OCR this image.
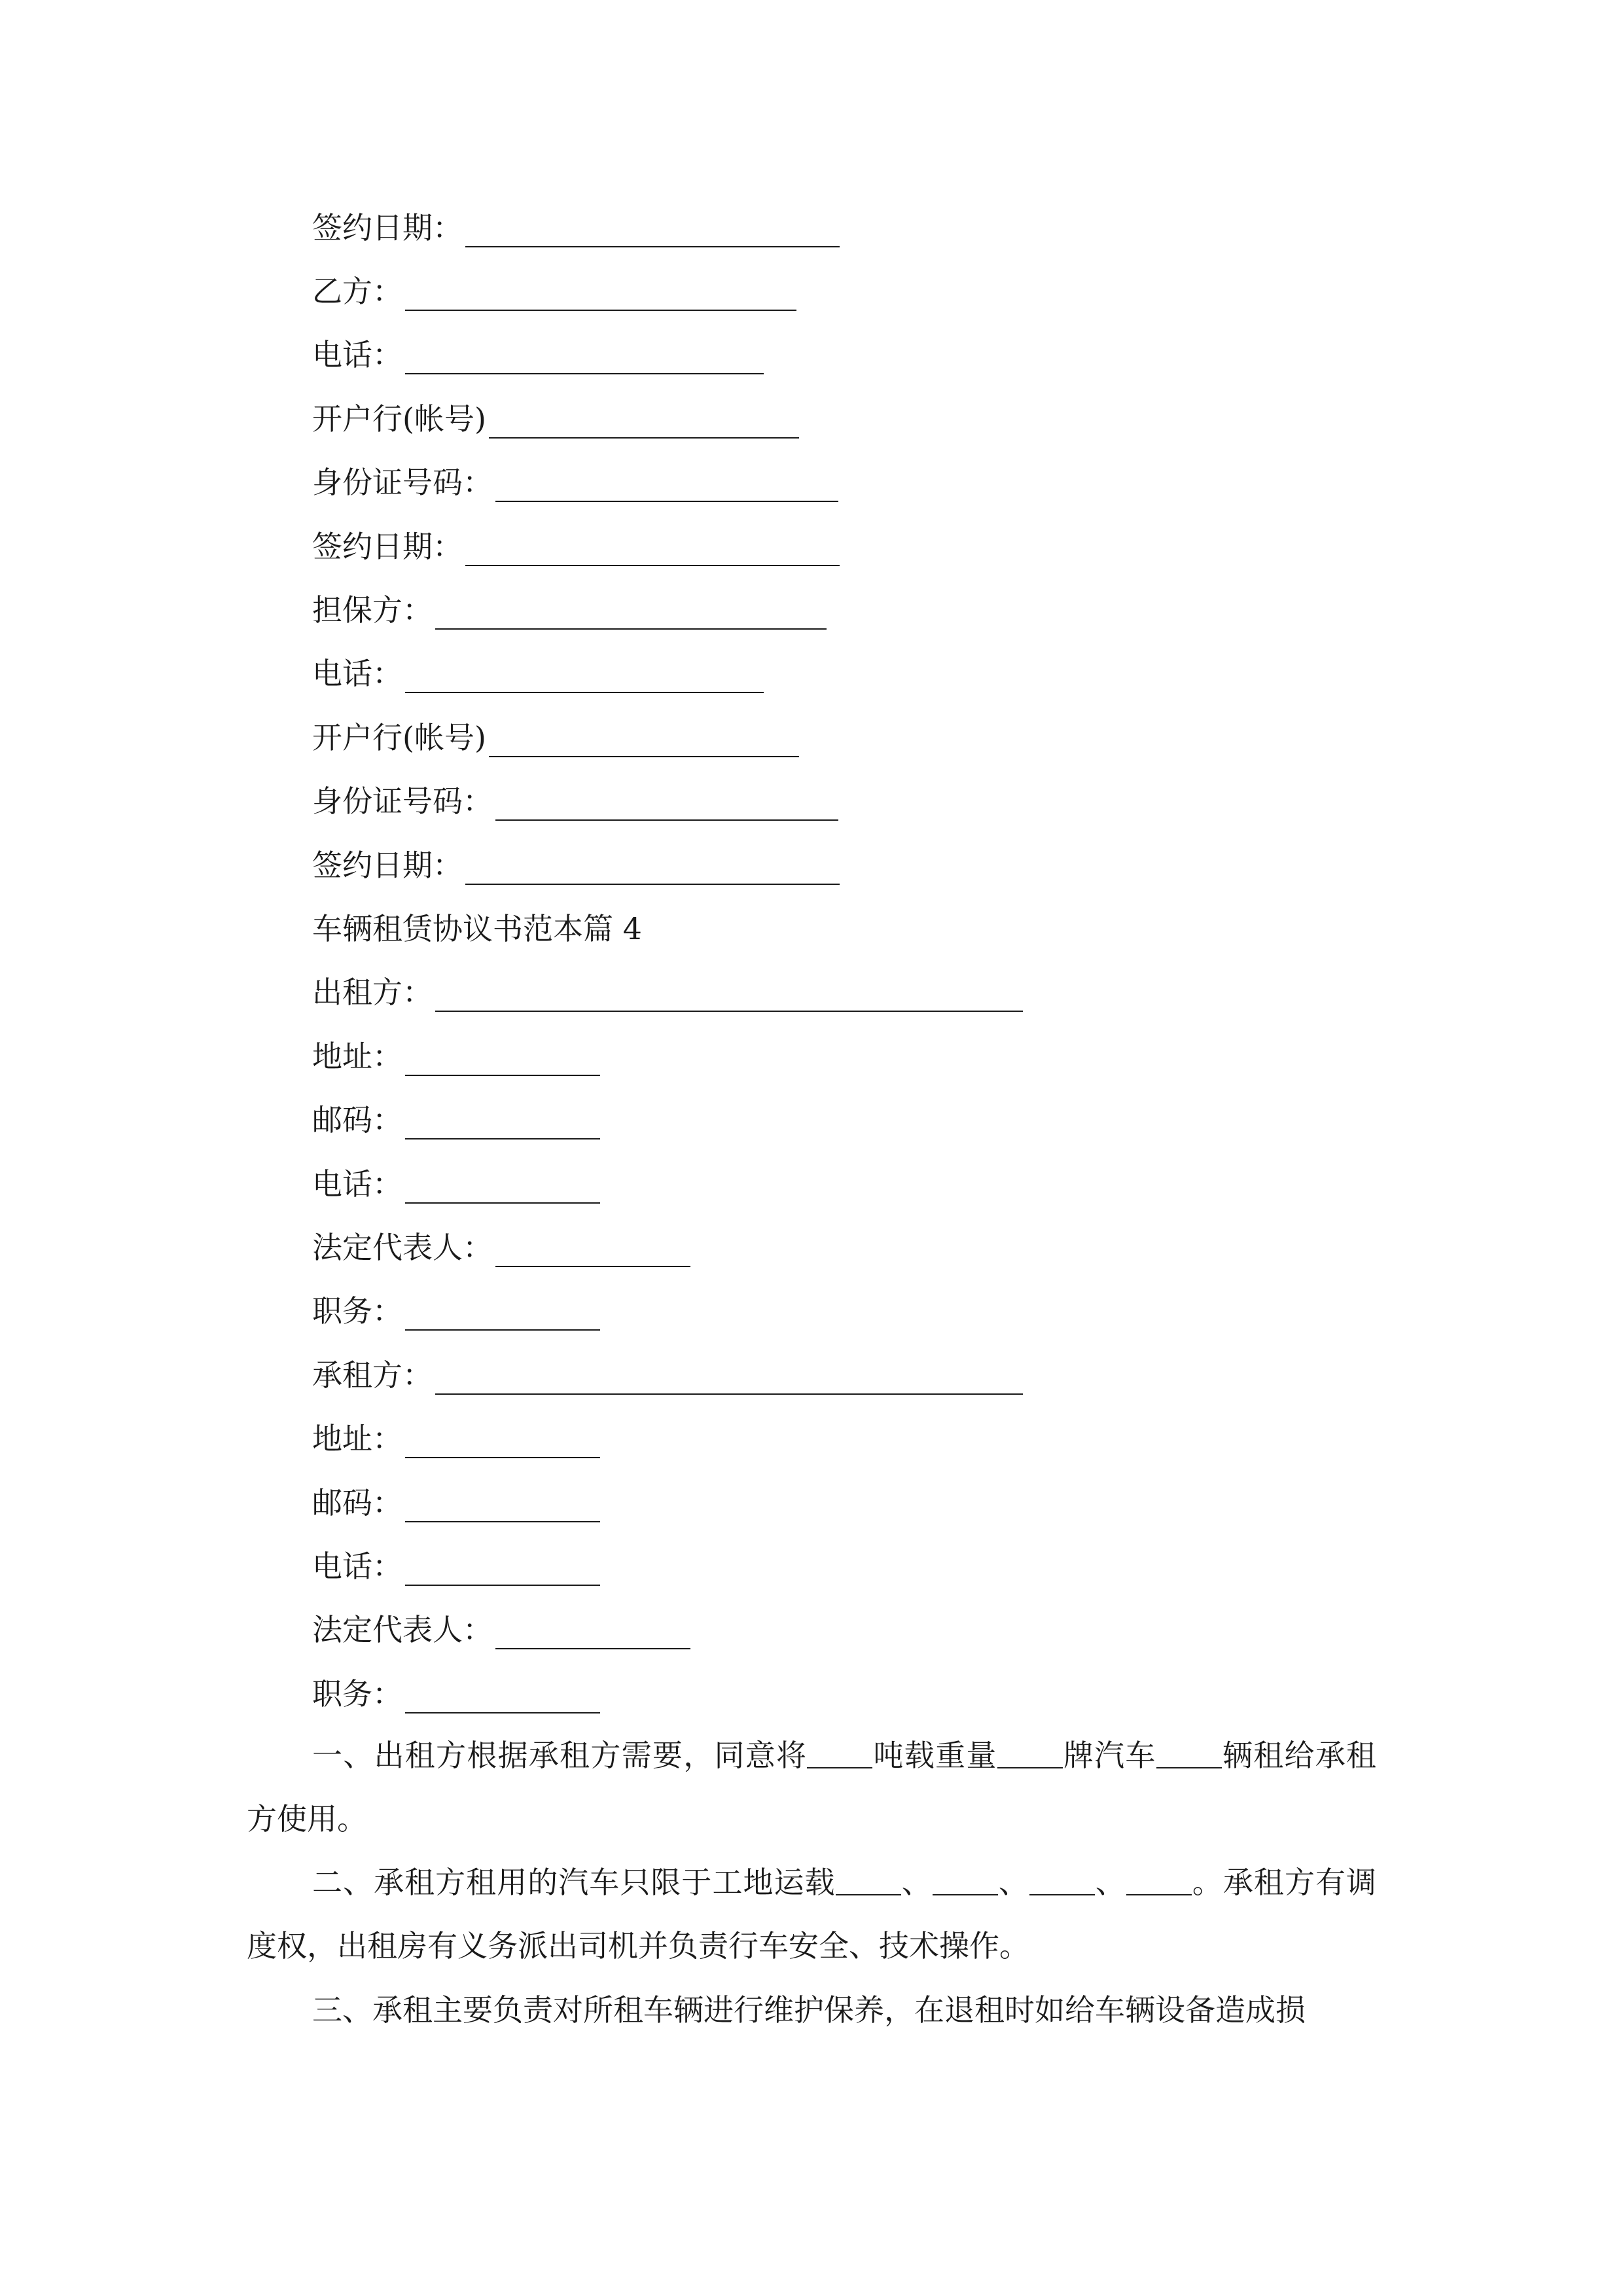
签约日期：
乙方：
电话：
开户行(帐号)
身份证号码：
签约日期：
担保方：
电话：
开户行(帐号)
身份证号码：
签约日期：
车辆租赁协议书范本篇 4
出租方：
地址：
邮码：
电话：
法定代表人：
职务：
承租方：
地址：
邮码：
电话：
法定代表人：
职务：
一、出租方根据承租方需要，同意将 吨载重量 牌汽车 辆租给承租方使用。
二、承租方租用的汽车只限于工地运载 、 、 、 。承租方有调度权，出租房有义务派出司机并负责行车安全、技术操作。
三、承租主要负责对所租车辆进行维护保养，在退租时如给车辆设备造成损
